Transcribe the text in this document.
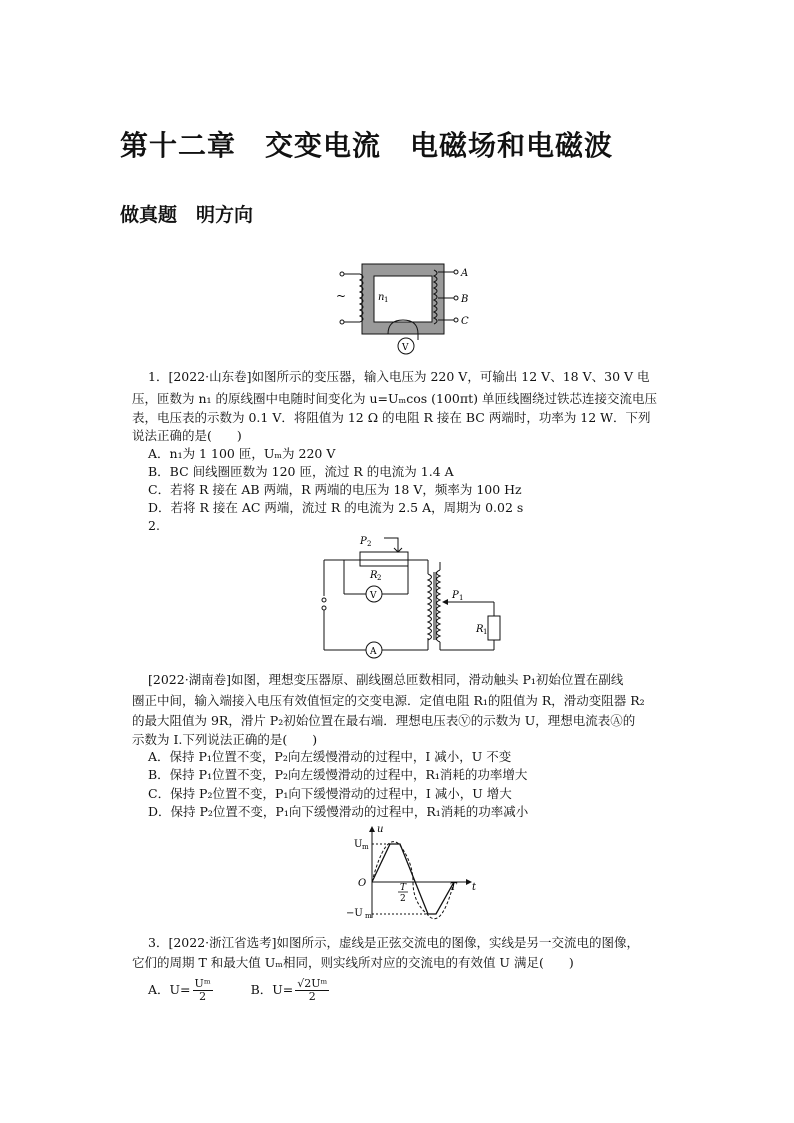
第十二章　交变电流　电磁场和电磁波
做真题　明方向
~	n 1
A
B
C
V
1．[2022·山东卷]如图所示的变压器，输入电压为 220 V，可输出 12 V、18 V、30 V 电
压，匝数为 n₁ 的原线圈中电随时间变化为 u=Uₘcos (100πt) 单匝线圈绕过铁芯连接交流电压
表，电压表的示数为 0.1 V．将阻值为 12 Ω 的电阻 R 接在 BC 两端时，功率为 12 W．下列
说法正确的是(　　)
A．n₁为 1 100 匝，Uₘ为 220 V
B．BC 间线圈匝数为 120 匝，流过 R 的电流为 1.4 A
C．若将 R 接在 AB 两端，R 两端的电压为 18 V，频率为 100 Hz
D．若将 R 接在 AC 两端，流过 R 的电流为 2.5 A，周期为 0.02 s
2.
P 2
R 2
P 1
R 1
V
A
[2022·湖南卷]如图，理想变压器原、副线圈总匝数相同，滑动触头 P₁初始位置在副线
圈正中间，输入端接入电压有效值恒定的交变电源．定值电阻 R₁的阻值为 R，滑动变阻器 R₂
的最大阻值为 9R，滑片 P₂初始位置在最右端．理想电压表Ⓥ的示数为 U，理想电流表Ⓐ的
示数为 I.下列说法正确的是(　　)
A．保持 P₁位置不变，P₂向左缓慢滑动的过程中，I 减小，U 不变
B．保持 P₁位置不变，P₂向左缓慢滑动的过程中，R₁消耗的功率增大
C．保持 P₂位置不变，P₁向下缓慢滑动的过程中，I 减小，U 增大
D．保持 P₂位置不变，P₁向下缓慢滑动的过程中，R₁消耗的功率减小
u
U m
−U m
O	t
T
T
2
3．[2022·浙江省选考]如图所示，虚线是正弦交流电的图像，实线是另一交流电的图像，
它们的周期 T 和最大值 Uₘ相同，则实线所对应的交流电的有效值 U 满足(　　)
A．$U= \frac{\text{Uᵐ}}{2}$	B．$U= \frac{\text{√2Uᵐ}}{2}$
